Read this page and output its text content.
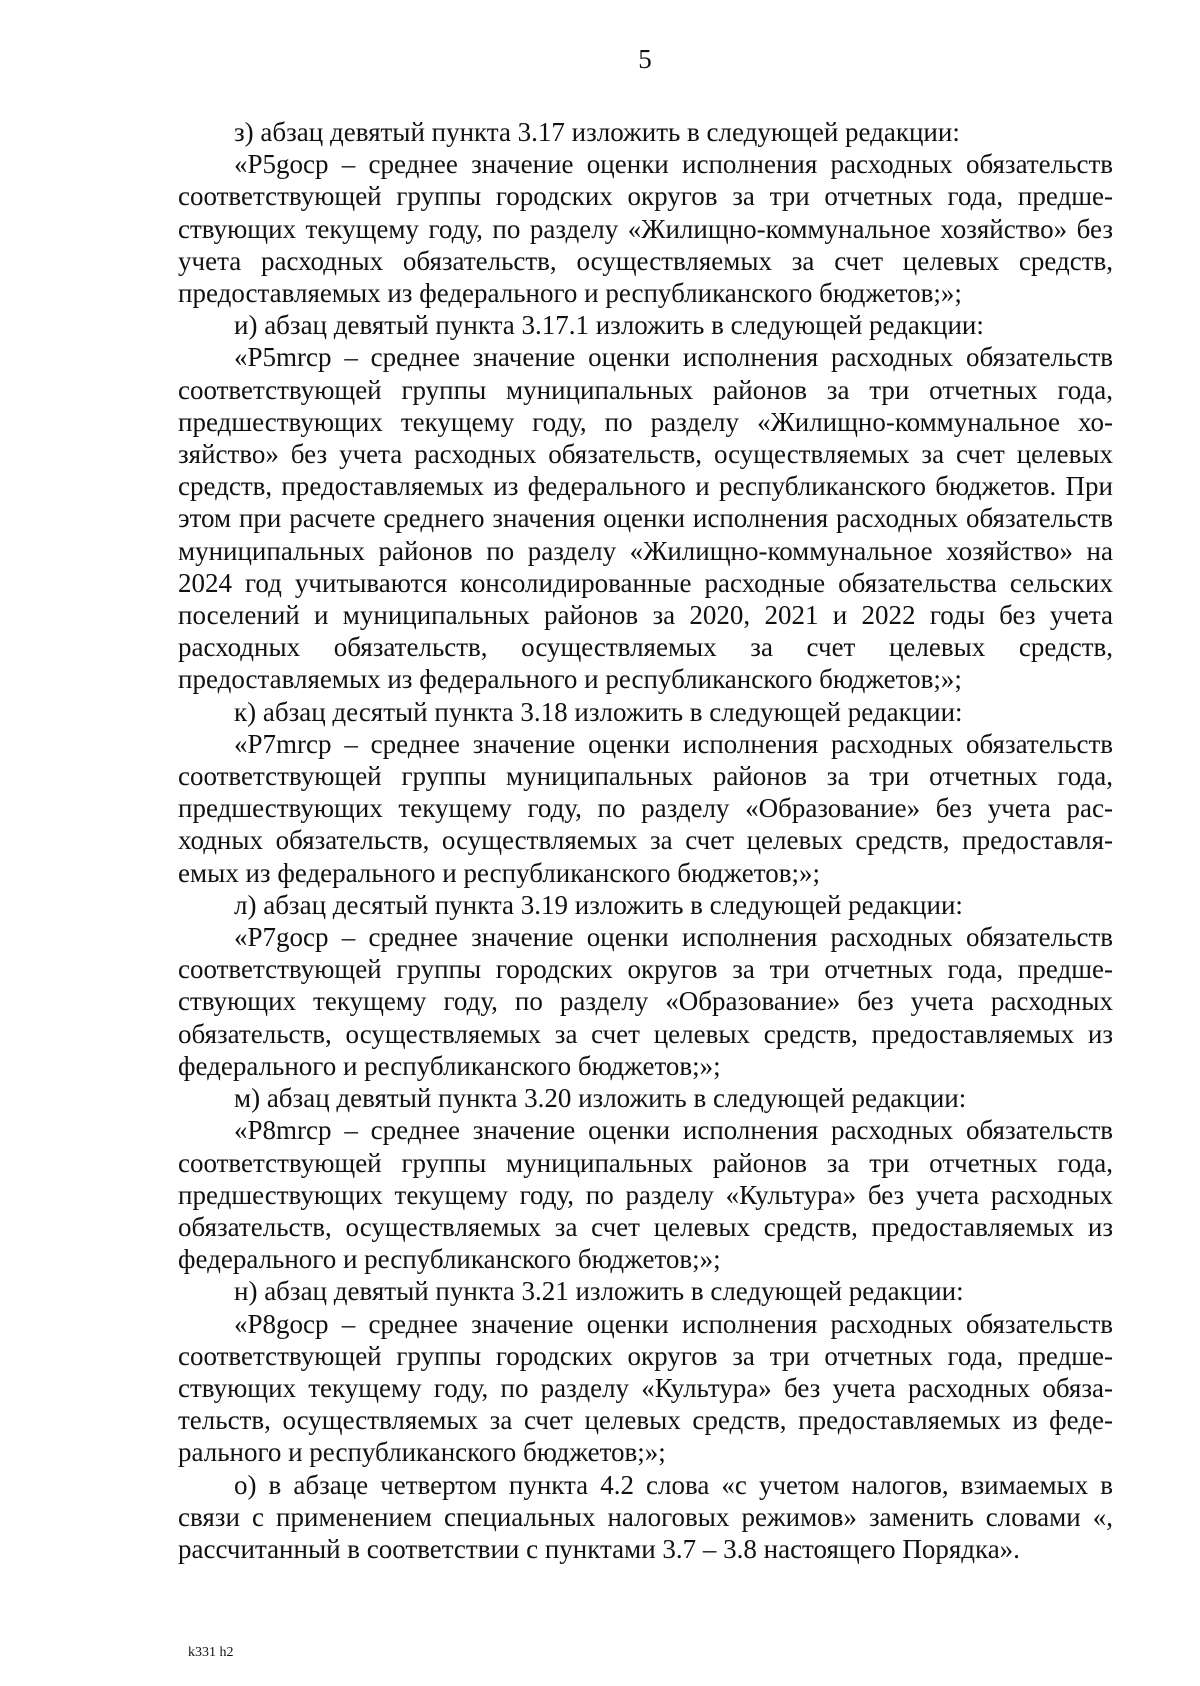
5

з) абзац девятый пункта 3.17 изложить в следующей редакции:

«P5gocp – среднее значение оценки исполнения расходных обязательств соответствующей группы городских округов за три отчетных года, предшествующих текущему году, по разделу «Жилищно-коммунальное хозяйство» без учета расходных обязательств, осуществляемых за счет целевых средств, предоставляемых из федерального и республиканского бюджетов;»;

и) абзац девятый пункта 3.17.1 изложить в следующей редакции:

«P5mrcp – среднее значение оценки исполнения расходных обязательств соответствующей группы муниципальных районов за три отчетных года, предшествующих текущему году, по разделу «Жилищно-коммунальное хозяйство» без учета расходных обязательств, осуществляемых за счет целевых средств, предоставляемых из федерального и республиканского бюджетов. При этом при расчете среднего значения оценки исполнения расходных обязательств муниципальных районов по разделу «Жилищно-коммунальное хозяйство» на 2024 год учитываются консолидированные расходные обязательства сельских поселений и муниципальных районов за 2020, 2021 и 2022 годы без учета расходных обязательств, осуществляемых за счет целевых средств, предоставляемых из федерального и республиканского бюджетов;»;

к) абзац десятый пункта 3.18 изложить в следующей редакции:

«P7mrcp – среднее значение оценки исполнения расходных обязательств соответствующей группы муниципальных районов за три отчетных года, предшествующих текущему году, по разделу «Образование» без учета расходных обязательств, осуществляемых за счет целевых средств, предоставляемых из федерального и республиканского бюджетов;»;

л) абзац десятый пункта 3.19 изложить в следующей редакции:

«P7gocp – среднее значение оценки исполнения расходных обязательств соответствующей группы городских округов за три отчетных года, предшествующих текущему году, по разделу «Образование» без учета расходных обязательств, осуществляемых за счет целевых средств, предоставляемых из федерального и республиканского бюджетов;»;

м) абзац девятый пункта 3.20 изложить в следующей редакции:

«P8mrcp – среднее значение оценки исполнения расходных обязательств соответствующей группы муниципальных районов за три отчетных года, предшествующих текущему году, по разделу «Культура» без учета расходных обязательств, осуществляемых за счет целевых средств, предоставляемых из федерального и республиканского бюджетов;»;

н) абзац девятый пункта 3.21 изложить в следующей редакции:

«P8gocp – среднее значение оценки исполнения расходных обязательств соответствующей группы городских округов за три отчетных года, предшествующих текущему году, по разделу «Культура» без учета расходных обязательств, осуществляемых за счет целевых средств, предоставляемых из федерального и республиканского бюджетов;»;

о) в абзаце четвертом пункта 4.2 слова «с учетом налогов, взимаемых в связи с применением специальных налоговых режимов» заменить словами «, рассчитанный в соответствии с пунктами 3.7 – 3.8 настоящего Порядка».

k331 h2
